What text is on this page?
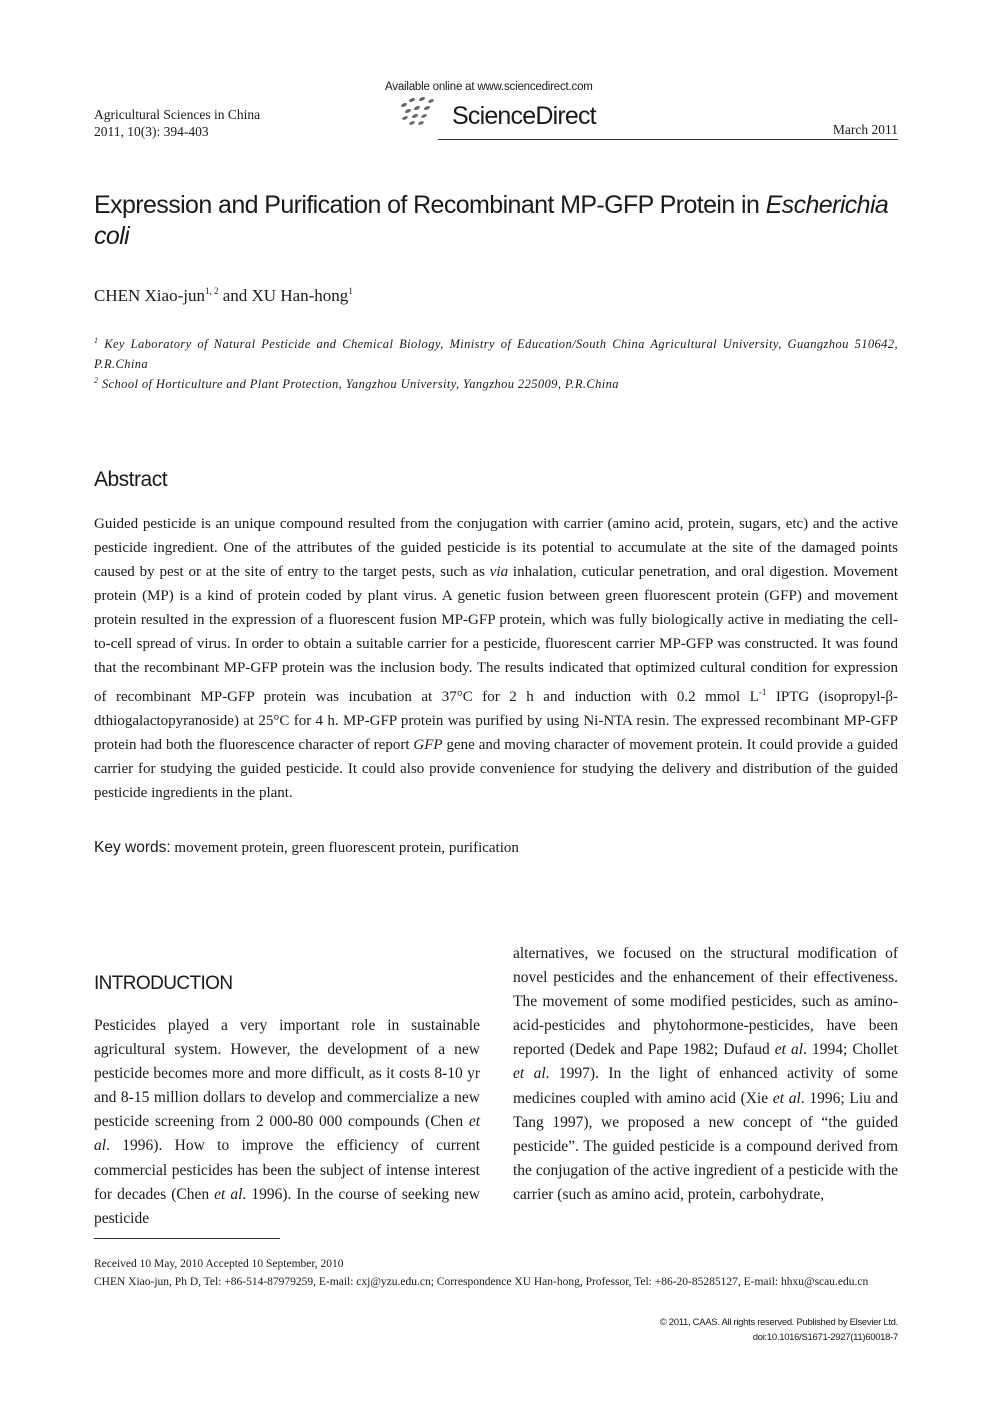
Agricultural Sciences in China
2011, 10(3): 394-403
Available online at www.sciencedirect.com
ScienceDirect	March 2011
Expression and Purification of Recombinant MP-GFP Protein in Escherichia coli
CHEN Xiao-jun$^{1, 2}$ and XU Han-hong$^1$
$^1$ Key Laboratory of Natural Pesticide and Chemical Biology, Ministry of Education/South China Agricultural University, Guangzhou 510642, P.R.China
$^2$ School of Horticulture and Plant Protection, Yangzhou University, Yangzhou 225009, P.R.China
Abstract
Guided pesticide is an unique compound resulted from the conjugation with carrier (amino acid, protein, sugars, etc) and the active pesticide ingredient. One of the attributes of the guided pesticide is its potential to accumulate at the site of the damaged points caused by pest or at the site of entry to the target pests, such as via inhalation, cuticular penetration, and oral digestion. Movement protein (MP) is a kind of protein coded by plant virus. A genetic fusion between green fluorescent protein (GFP) and movement protein resulted in the expression of a fluorescent fusion MP-GFP protein, which was fully biologically active in mediating the cell-to-cell spread of virus. In order to obtain a suitable carrier for a pesticide, fluorescent carrier MP-GFP was constructed. It was found that the recombinant MP-GFP protein was the inclusion body. The results indicated that optimized cultural condition for expression of recombinant MP-GFP protein was incubation at 37°C for 2 h and induction with 0.2 mmol $L^{-1}$ IPTG (isopropyl-β-dthiogalactopyranoside) at 25°C for 4 h. MP-GFP protein was purified by using Ni-NTA resin. The expressed recombinant MP-GFP protein had both the fluorescence character of report GFP gene and moving character of movement protein. It could provide a guided carrier for studying the guided pesticide. It could also provide convenience for studying the delivery and distribution of the guided pesticide ingredients in the plant.
Key words: movement protein, green fluorescent protein, purification
INTRODUCTION
Pesticides played a very important role in sustainable agricultural system. However, the development of a new pesticide becomes more and more difficult, as it costs 8-10 yr and 8-15 million dollars to develop and commercialize a new pesticide screening from 2 000-80 000 compounds (Chen et al. 1996). How to improve the efficiency of current commercial pesticides has been the subject of intense interest for decades (Chen et al. 1996). In the course of seeking new pesticide
alternatives, we focused on the structural modification of novel pesticides and the enhancement of their effectiveness. The movement of some modified pesticides, such as amino-acid-pesticides and phytohormone-pesticides, have been reported (Dedek and Pape 1982; Dufaud et al. 1994; Chollet et al. 1997). In the light of enhanced activity of some medicines coupled with amino acid (Xie et al. 1996; Liu and Tang 1997), we proposed a new concept of “the guided pesticide”. The guided pesticide is a compound derived from the conjugation of the active ingredient of a pesticide with the carrier (such as amino acid, protein, carbohydrate,
Received 10 May, 2010 Accepted 10 September, 2010
CHEN Xiao-jun, Ph D, Tel: +86-514-87979259, E-mail: cxj@yzu.edu.cn; Correspondence XU Han-hong, Professor, Tel: +86-20-85285127, E-mail: hhxu@scau.edu.cn
© 2011, CAAS. All rights reserved. Published by Elsevier Ltd.
doi:10.1016/S1671-2927(11)60018-7
